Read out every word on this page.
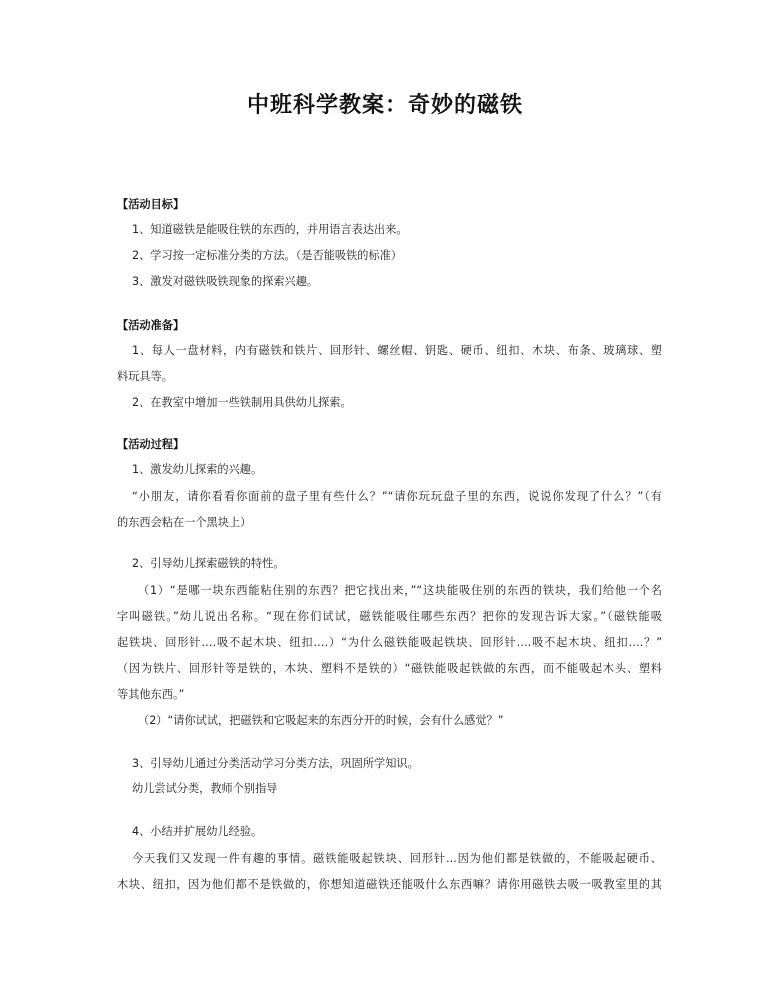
中班科学教案：奇妙的磁铁
【活动目标】
1、知道磁铁是能吸住铁的东西的，并用语言表达出来。
2、学习按一定标准分类的方法。（是否能吸铁的标准）
3、激发对磁铁吸铁现象的探索兴趣。
【活动准备】
1、每人一盘材料，内有磁铁和铁片、回形针、螺丝帽、钥匙、硬币、纽扣、木块、布条、玻璃球、塑
料玩具等。
2、在教室中增加一些铁制用具供幼儿探索。
【活动过程】
1、激发幼儿探索的兴趣。
“小朋友，请你看看你面前的盘子里有些什么？”“请你玩玩盘子里的东西，说说你发现了什么？”（有
的东西会粘在一个黑块上）
2、引导幼儿探索磁铁的特性。
（1）“是哪一块东西能粘住别的东西？把它找出来，”“这块能吸住别的东西的铁块，我们给他一个名
字叫磁铁。”幼儿说出名称。“现在你们试试，磁铁能吸住哪些东西？把你的发现告诉大家。”（磁铁能吸
起铁块、回形针….吸不起木块、纽扣….）“为什么磁铁能吸起铁块、回形针….吸不起木块、纽扣….？”
（因为铁片、回形针等是铁的，木块、塑料不是铁的）“磁铁能吸起铁做的东西，而不能吸起木头、塑料
等其他东西。”
（2）“请你试试，把磁铁和它吸起来的东西分开的时候，会有什么感觉？”
3、引导幼儿通过分类活动学习分类方法，巩固所学知识。
幼儿尝试分类，教师个别指导
4、小结并扩展幼儿经验。
今天我们又发现一件有趣的事情。磁铁能吸起铁块、回形针...因为他们都是铁做的，不能吸起硬币、
木块、纽扣，因为他们都不是铁做的，你想知道磁铁还能吸什么东西嘛？请你用磁铁去吸一吸教室里的其
